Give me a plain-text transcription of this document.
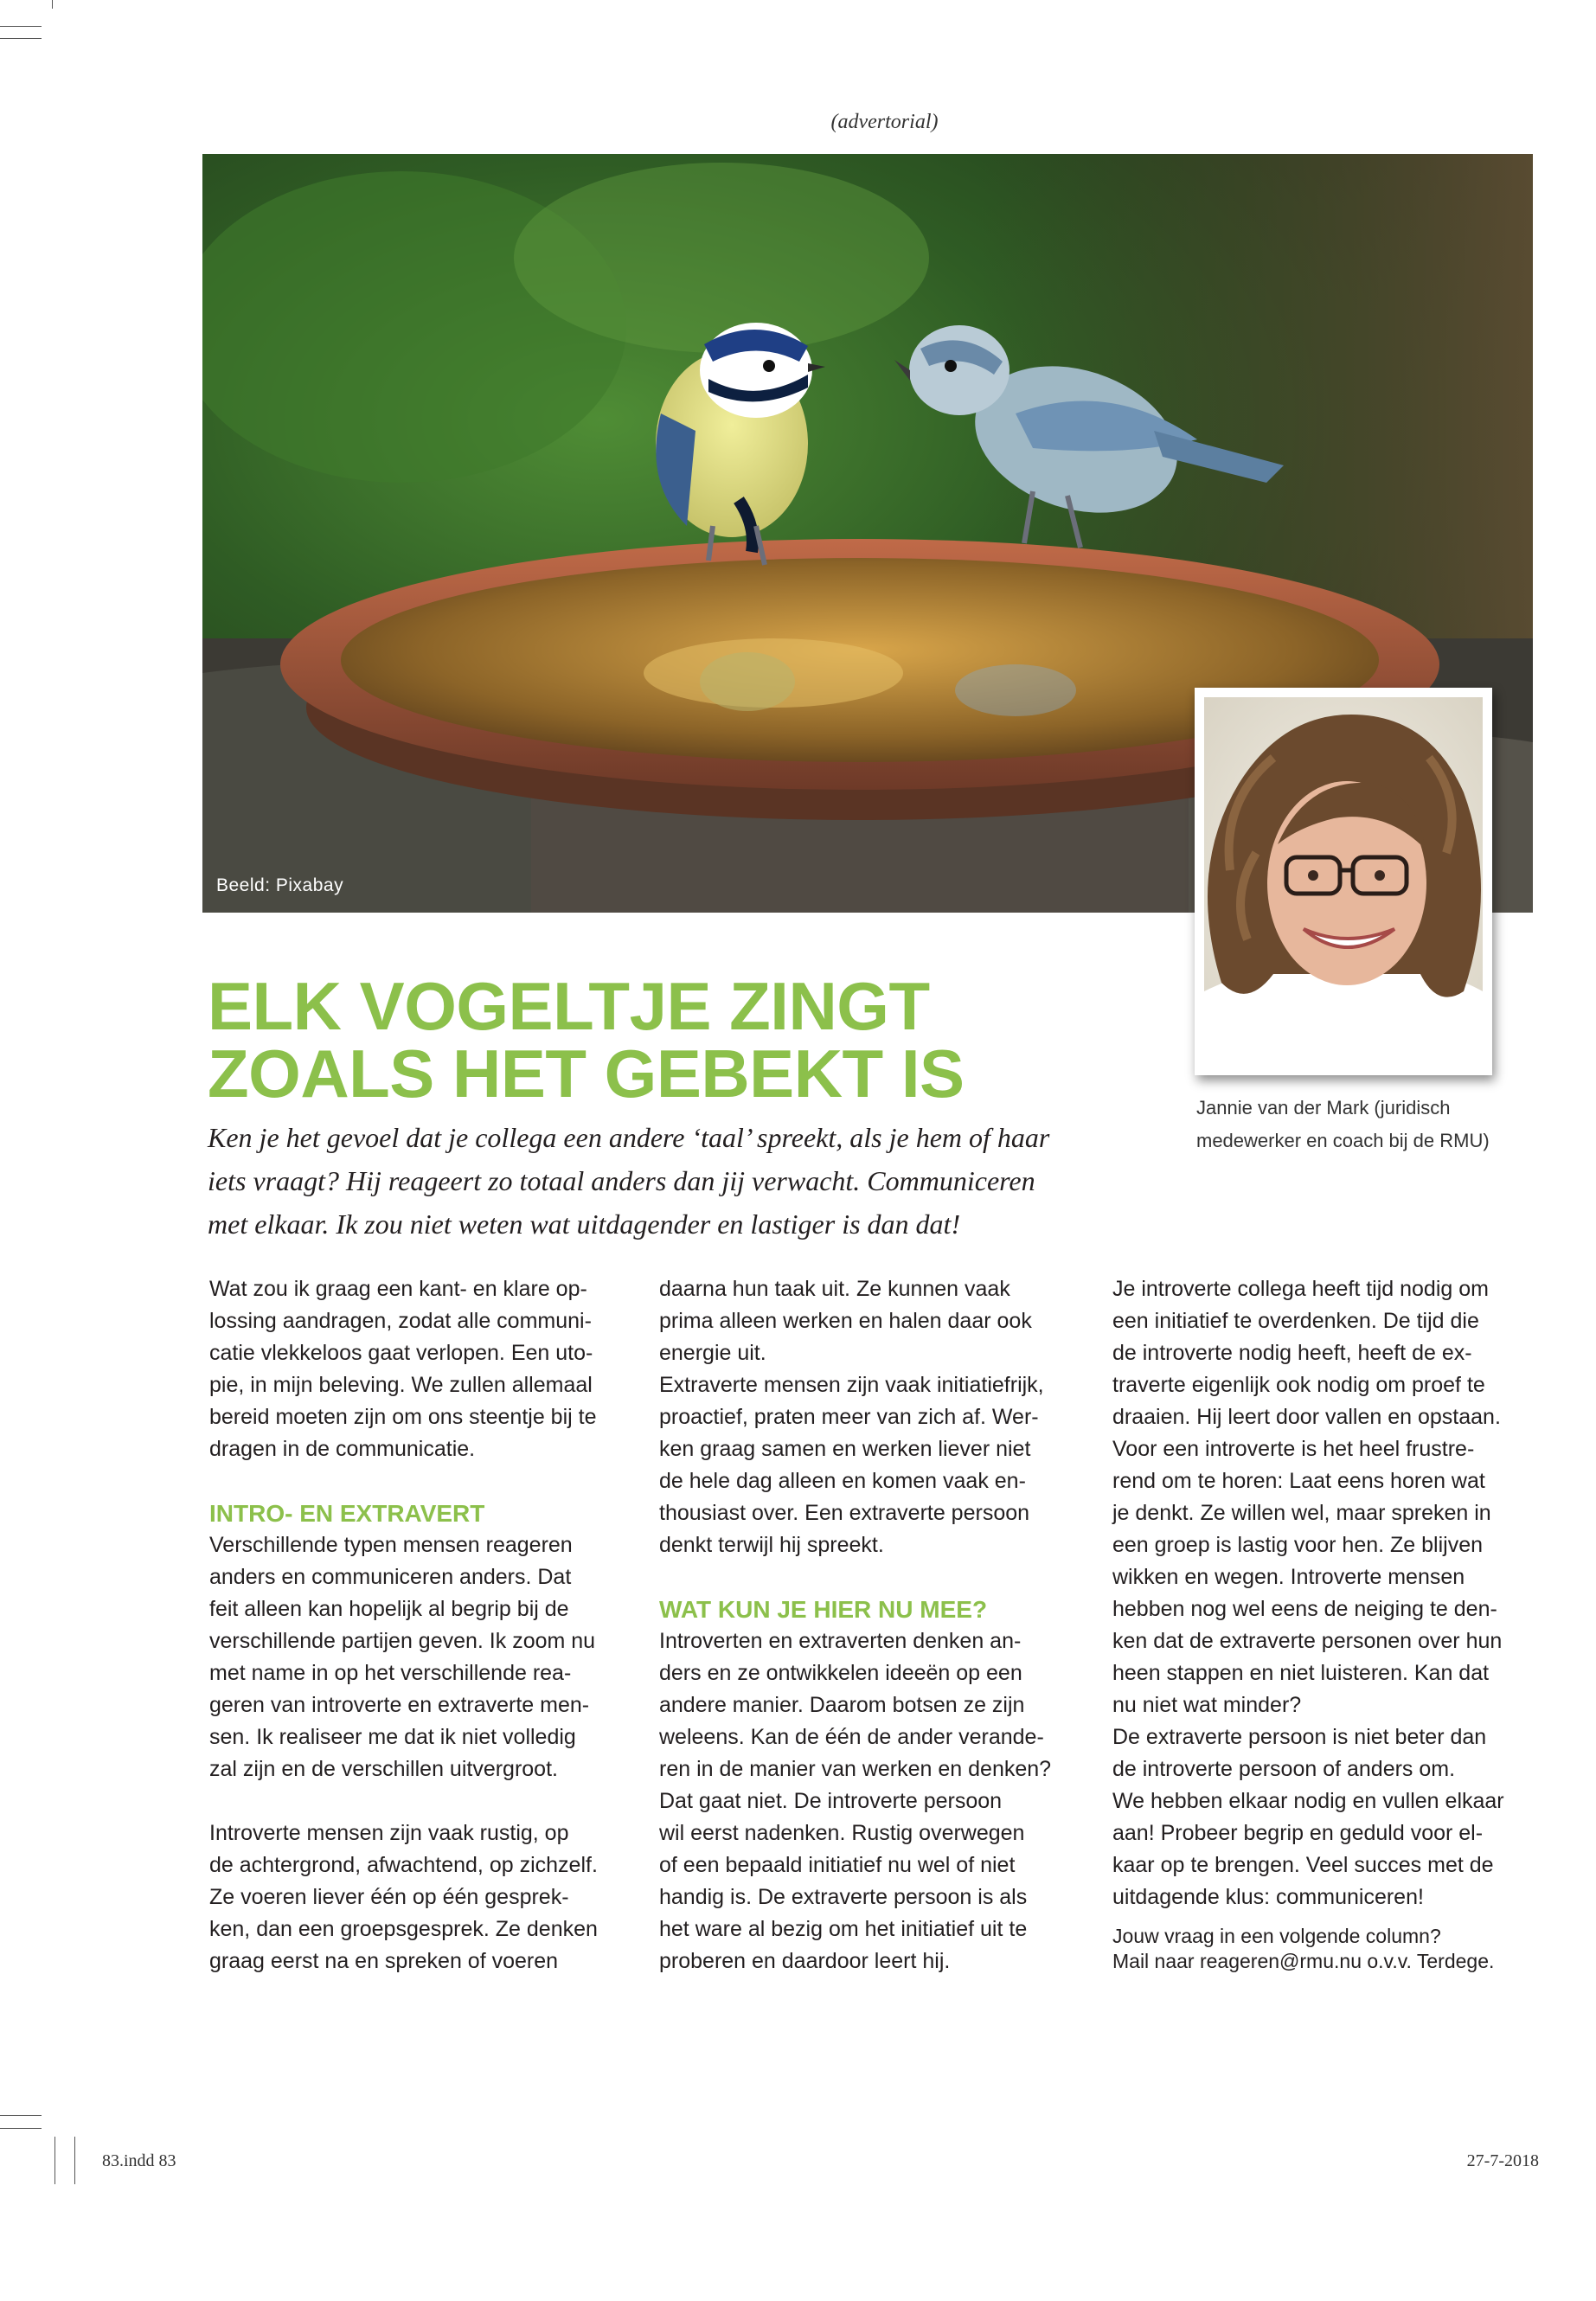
(advertorial)
Beeld: Pixabay
Jannie van der Mark (juridisch
medewerker en coach bij de RMU)
ELK VOGELTJE ZINGT
ZOALS HET GEBEKT IS
Ken je het gevoel dat je collega een andere ‘taal’ spreekt, als je hem of haar
iets vraagt? Hij reageert zo totaal anders dan jij verwacht. Communiceren
met elkaar. Ik zou niet weten wat uitdagender en lastiger is dan dat!

Wat zou ik graag een kant- en klare op-
lossing aandragen, zodat alle communi-
catie vlekkeloos gaat verlopen. Een uto-
pie, in mijn beleving. We zullen allemaal
bereid moeten zijn om ons steentje bij te
dragen in de communicatie.

INTRO- EN EXTRAVERT

Verschillende typen mensen reageren
anders en communiceren anders. Dat
feit alleen kan hopelijk al begrip bij de
verschillende partijen geven. Ik zoom nu
met name in op het verschillende rea-
geren van introverte en extraverte men-
sen. Ik realiseer me dat ik niet volledig
zal zijn en de verschillen uitvergroot.

Introverte mensen zijn vaak rustig, op
de achtergrond, afwachtend, op zichzelf.
Ze voeren liever één op één gesprek-
ken, dan een groepsgesprek. Ze denken
graag eerst na en spreken of voeren

daarna hun taak uit. Ze kunnen vaak
prima alleen werken en halen daar ook
energie uit.

Extraverte mensen zijn vaak initiatiefrijk,
proactief, praten meer van zich af. Wer-
ken graag samen en werken liever niet
de hele dag alleen en komen vaak en-
thousiast over. Een extraverte persoon
denkt terwijl hij spreekt.

WAT KUN JE HIER NU MEE?

Introverten en extraverten denken an-
ders en ze ontwikkelen ideeën op een
andere manier. Daarom botsen ze zijn
weleens. Kan de één de ander verande-
ren in de manier van werken en denken?
Dat gaat niet. De introverte persoon
wil eerst nadenken. Rustig overwegen
of een bepaald initiatief nu wel of niet
handig is. De extraverte persoon is als
het ware al bezig om het initiatief uit te
proberen en daardoor leert hij.

Je introverte collega heeft tijd nodig om
een initiatief te overdenken. De tijd die
de introverte nodig heeft, heeft de ex-
traverte eigenlijk ook nodig om proef te
draaien. Hij leert door vallen en opstaan.
Voor een introverte is het heel frustre-
rend om te horen: Laat eens horen wat
je denkt. Ze willen wel, maar spreken in
een groep is lastig voor hen. Ze blijven
wikken en wegen. Introverte mensen
hebben nog wel eens de neiging te den-
ken dat de extraverte personen over hun
heen stappen en niet luisteren. Kan dat
nu niet wat minder?

De extraverte persoon is niet beter dan
de introverte persoon of anders om.
We hebben elkaar nodig en vullen elkaar
aan! Probeer begrip en geduld voor el-
kaar op te brengen. Veel succes met de
uitdagende klus: communiceren!

Jouw vraag in een volgende column?
Mail naar reageren@rmu.nu o.v.v. Terdege.

83.indd 83	27-7-2018
